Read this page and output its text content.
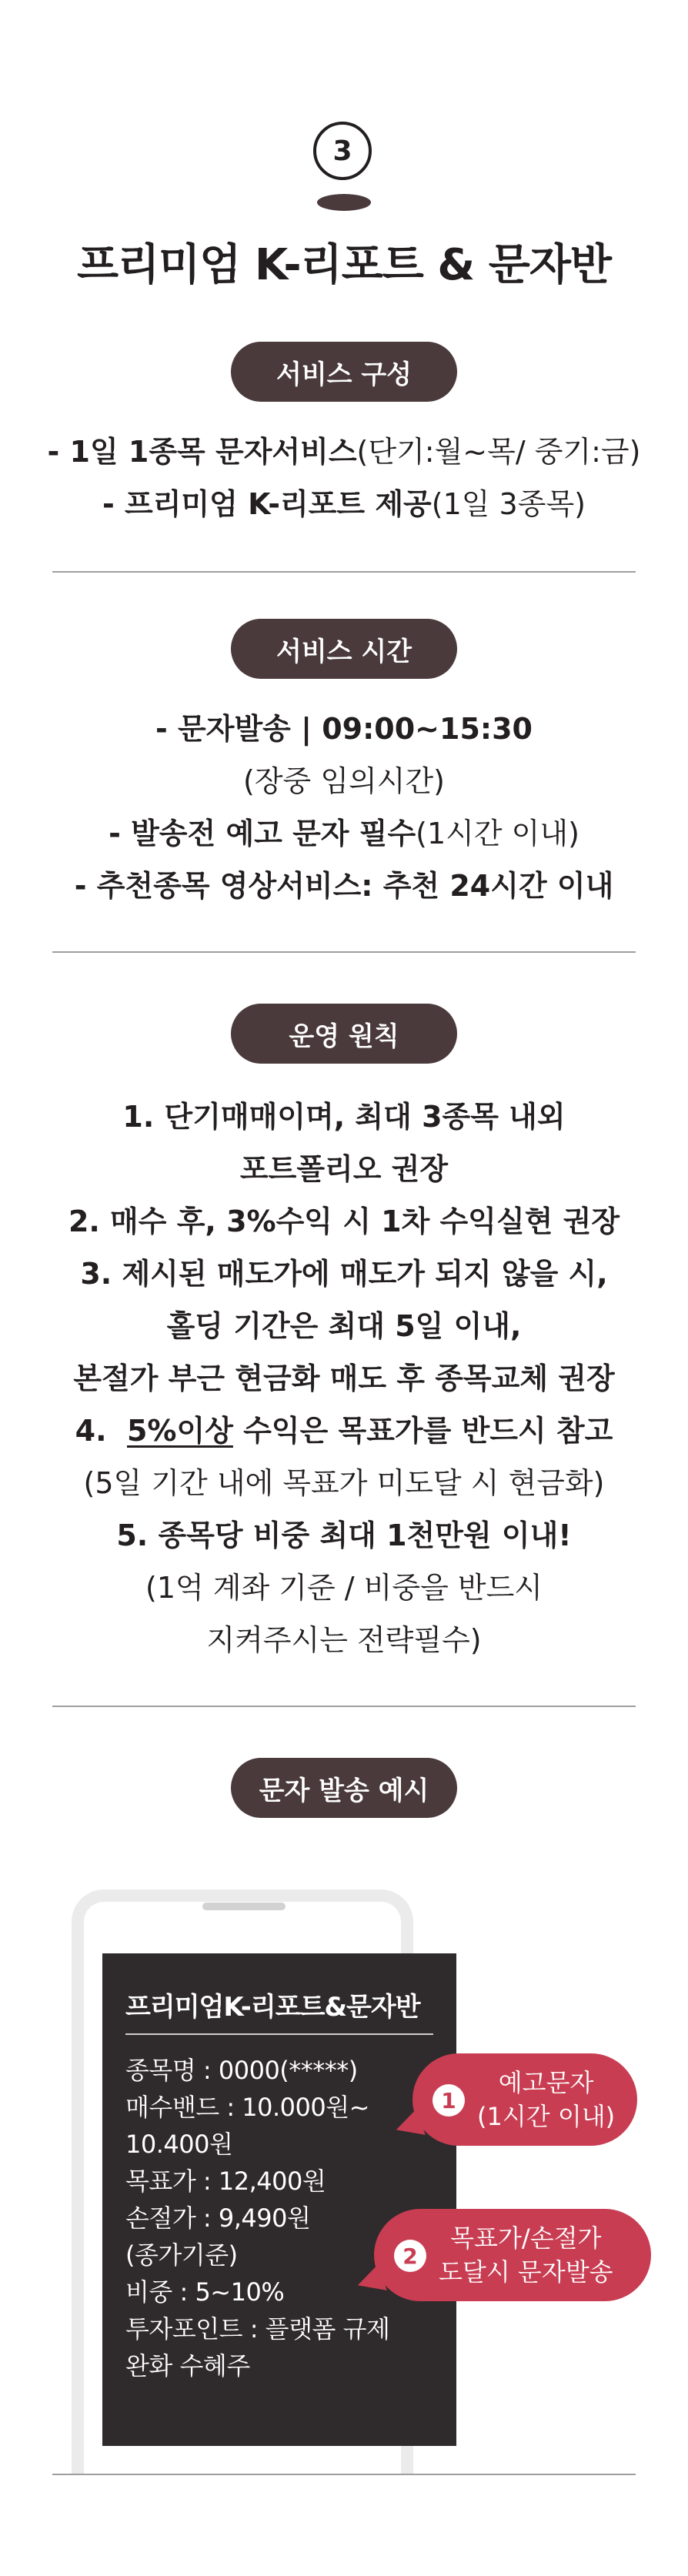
3
프리미엄 K-리포트 & 문자반
서비스 구성
- 1일 1종목 문자서비스(단기:월~목/ 중기:금)
- 프리미엄 K-리포트 제공(1일 3종목)
서비스 시간
- 문자발송 | 09:00~15:30
(장중 임의시간)
- 발송전 예고 문자 필수(1시간 이내)
- 추천종목 영상서비스: 추천 24시간 이내
운영 원칙
1. 단기매매이며, 최대 3종목 내외
포트폴리오 권장
2. 매수 후, 3%수익 시 1차 수익실현 권장
3. 제시된 매도가에 매도가 되지 않을 시,
홀딩 기간은 최대 5일 이내,
본절가 부근 현금화 매도 후 종목교체 권장
4.  5%이상 수익은 목표가를 반드시 참고
(5일 기간 내에 목표가 미도달 시 현금화)
5. 종목당 비중 최대 1천만원 이내!
(1억 계좌 기준 / 비중을 반드시
지켜주시는 전략필수)
문자 발송 예시
프리미엄K-리포트&문자반
종목명 : 0000(*****)
매수밴드 : 10.000원~
10.400원
목표가 : 12,400원
손절가 : 9,490원
(종가기준)
비중 : 5~10%
투자포인트 : 플랫폼 규제
완화 수혜주
1
예고문자
(1시간 이내)
2
목표가/손절가
도달시 문자발송
